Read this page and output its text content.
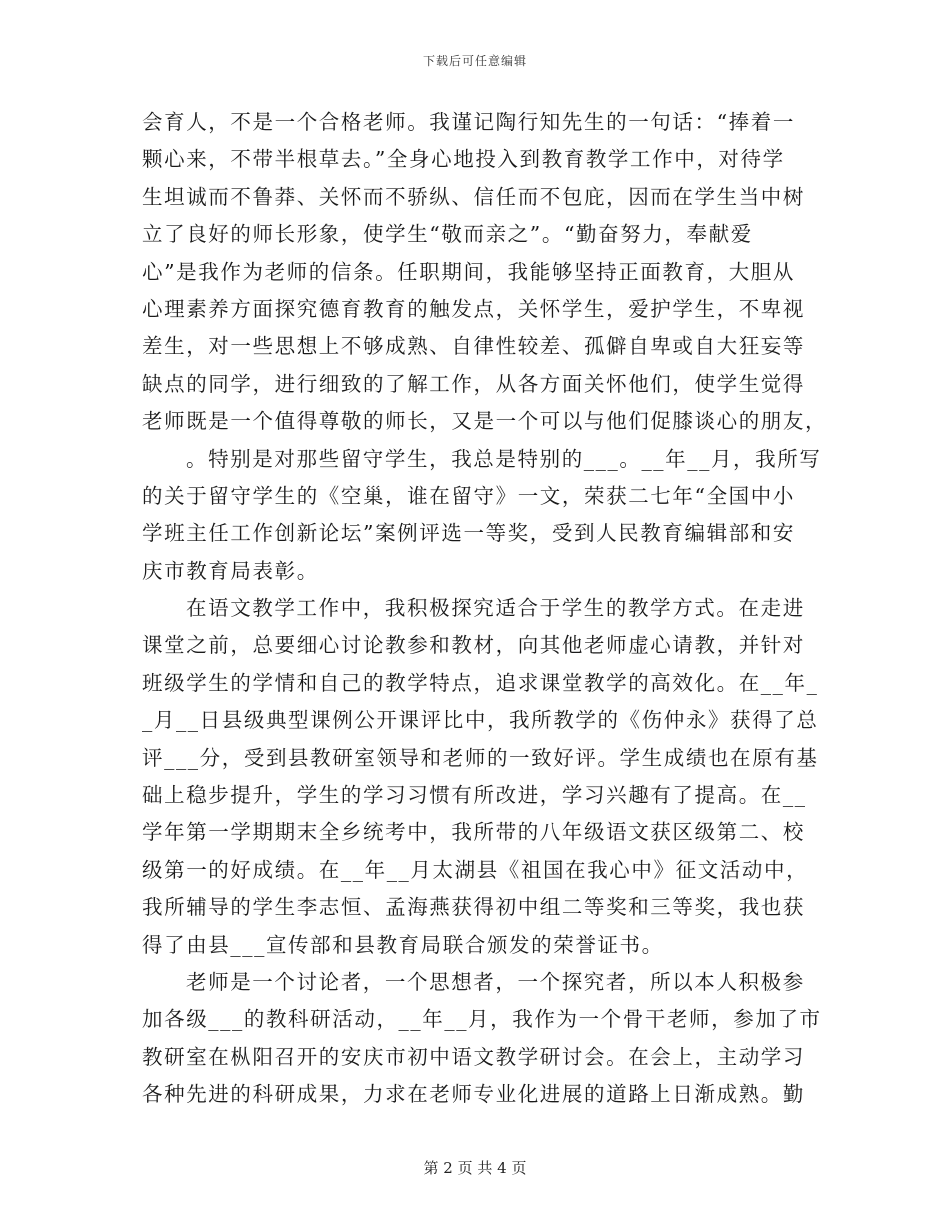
下载后可任意编辑
会育人，不是一个合格老师。我谨记陶行知先生的一句话：“捧着一
颗心来，不带半根草去。”全身心地投入到教育教学工作中，对待学
生坦诚而不鲁莽、关怀而不骄纵、信任而不包庇，因而在学生当中树
立了良好的师长形象，使学生“敬而亲之”。“勤奋努力，奉献爱
心”是我作为老师的信条。任职期间，我能够坚持正面教育，大胆从
心理素养方面探究德育教育的触发点，关怀学生，爱护学生，不卑视
差生，对一些思想上不够成熟、自律性较差、孤僻自卑或自大狂妄等
缺点的同学，进行细致的了解工作，从各方面关怀他们，使学生觉得
老师既是一个值得尊敬的师长，又是一个可以与他们促膝谈心的朋友，
。特别是对那些留守学生，我总是特别的___。__年__月，我所写
的关于留守学生的《空巢，谁在留守》一文，荣获二七年“全国中小
学班主任工作创新论坛”案例评选一等奖，受到人民教育编辑部和安
庆市教育局表彰。
在语文教学工作中，我积极探究适合于学生的教学方式。在走进
课堂之前，总要细心讨论教参和教材，向其他老师虚心请教，并针对
班级学生的学情和自己的教学特点，追求课堂教学的高效化。在__年_
_月__日县级典型课例公开课评比中，我所教学的《伤仲永》获得了总
评___分，受到县教研室领导和老师的一致好评。学生成绩也在原有基
础上稳步提升，学生的学习习惯有所改进，学习兴趣有了提高。在__
学年第一学期期末全乡统考中，我所带的八年级语文获区级第二、校
级第一的好成绩。在__年__月太湖县《祖国在我心中》征文活动中，
我所辅导的学生李志恒、孟海燕获得初中组二等奖和三等奖，我也获
得了由县___宣传部和县教育局联合颁发的荣誉证书。
老师是一个讨论者，一个思想者，一个探究者，所以本人积极参
加各级___的教科研活动，__年__月，我作为一个骨干老师，参加了市
教研室在枞阳召开的安庆市初中语文教学研讨会。在会上，主动学习
各种先进的科研成果，力求在老师专业化进展的道路上日渐成熟。勤
第 2 页 共 4 页
